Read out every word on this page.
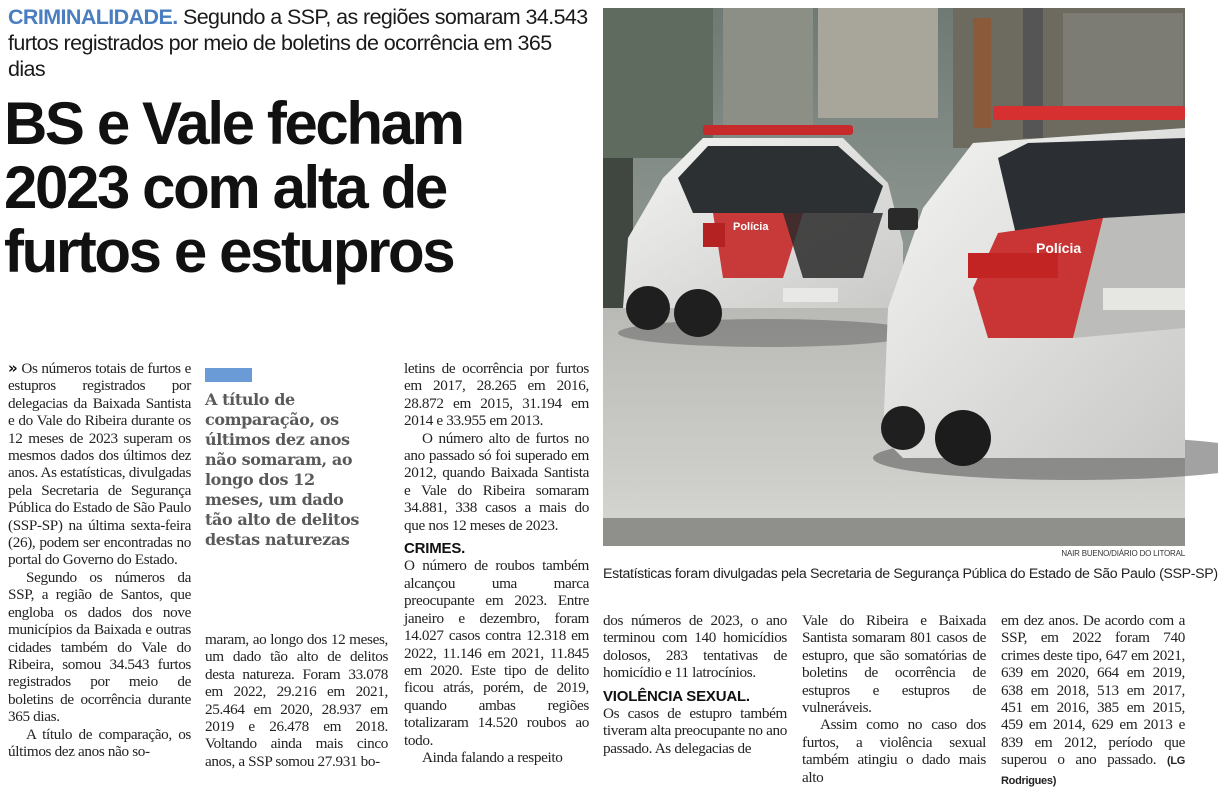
CRIMINALIDADE. Segundo a SSP, as regiões somaram 34.543 furtos registrados por meio de boletins de ocorrência em 365 dias
BS e Vale fecham 2023 com alta de furtos e estupros

» Os números totais de furtos e estupros registrados por delegacias da Baixada Santista e do Vale do Ribeira durante os 12 meses de 2023 superam os mesmos dados dos últimos dez anos. As estatísticas, divulgadas pela Secretaria de Segurança Pública do Estado de São Paulo (SSP-SP) na última sexta-feira (26), podem ser encontradas no portal do Governo do Estado.

Segundo os números da SSP, a região de Santos, que engloba os dados dos nove municípios da Baixada e outras cidades também do Vale do Ribeira, somou 34.543 furtos registrados por meio de boletins de ocorrência durante 365 dias.

A título de comparação, os últimos dez anos não so-

A título de comparação, os últimos dez anos não somaram, ao longo dos 12 meses, um dado tão alto de delitos destas naturezas

maram, ao longo dos 12 meses, um dado tão alto de delitos desta natureza. Foram 33.078 em 2022, 29.216 em 2021, 25.464 em 2020, 28.937 em 2019 e 26.478 em 2018. Voltando ainda mais cinco anos, a SSP somou 27.931 bo-

letins de ocorrência por furtos em 2017, 28.265 em 2016, 28.872 em 2015, 31.194 em 2014 e 33.955 em 2013.

O número alto de furtos no ano passado só foi superado em 2012, quando Baixada Santista e Vale do Ribeira somaram 34.881, 338 casos a mais do que nos 12 meses de 2023.

CRIMES.

O número de roubos também alcançou uma marca preocupante em 2023. Entre janeiro e dezembro, foram 14.027 casos contra 12.318 em 2022, 11.146 em 2021, 11.845 em 2020. Este tipo de delito ficou atrás, porém, de 2019, quando ambas regiões totalizaram 14.520 roubos ao todo.

Ainda falando a respeito

Polícia
Polícia
NAIR BUENO/DIÁRIO DO LITORAL
Estatísticas foram divulgadas pela Secretaria de Segurança Pública do Estado de São Paulo (SSP-SP)

dos números de 2023, o ano terminou com 140 homicídios dolosos, 283 tentativas de homicídio e 11 latrocínios.

VIOLÊNCIA SEXUAL.

Os casos de estupro também tiveram alta preocupante no ano passado. As delegacias de

Vale do Ribeira e Baixada Santista somaram 801 casos de estupro, que são somatórias de boletins de ocorrência de estupros e estupros de vulneráveis.

Assim como no caso dos furtos, a violência sexual também atingiu o dado mais alto

em dez anos. De acordo com a SSP, em 2022 foram 740 crimes deste tipo, 647 em 2021, 639 em 2020, 664 em 2019, 638 em 2018, 513 em 2017, 451 em 2016, 385 em 2015, 459 em 2014, 629 em 2013 e 839 em 2012, período que superou o ano passado. (LG Rodrigues)
